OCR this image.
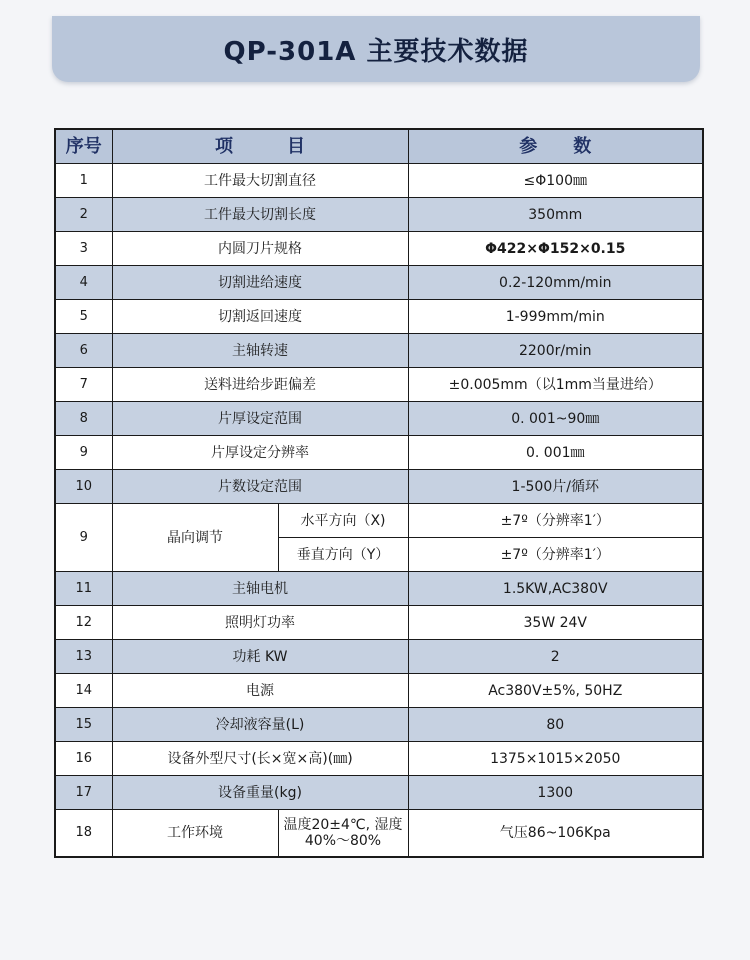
QP-301A 主要技术数据
序号	项　　　目		参　　数
1	工件最大切割直径		≤Φ100㎜
2	工件最大切割长度		350mm
3	内圆刀片规格		Φ422×Φ152×0.15
4	切割进给速度		0.2-120mm/min
5	切割返回速度		1-999mm/min
6	主轴转速		2200r/min
7	送料进给步距偏差		±0.005mm（以1mm当量进给）
8	片厚设定范围		0. 001~90㎜
9	片厚设定分辨率		0. 001㎜
10	片数设定范围		1-500片/循环
9	晶向调节	水平方向（X)	±7º（分辨率1′）
		垂直方向（Y）	±7º（分辨率1′）
11	主轴电机		1.5KW,AC380V
12	照明灯功率		35W 24V
13	功耗 KW		2
14	电源		Ac380V±5%, 50HZ
15	冷却液容量(L)		80
16	设备外型尺寸(长×宽×高)(㎜)		1375×1015×2050
17	设备重量(kg)		1300
18	工作环境	温度20±4℃, 湿度40%～80%	气压86~106Kpa
